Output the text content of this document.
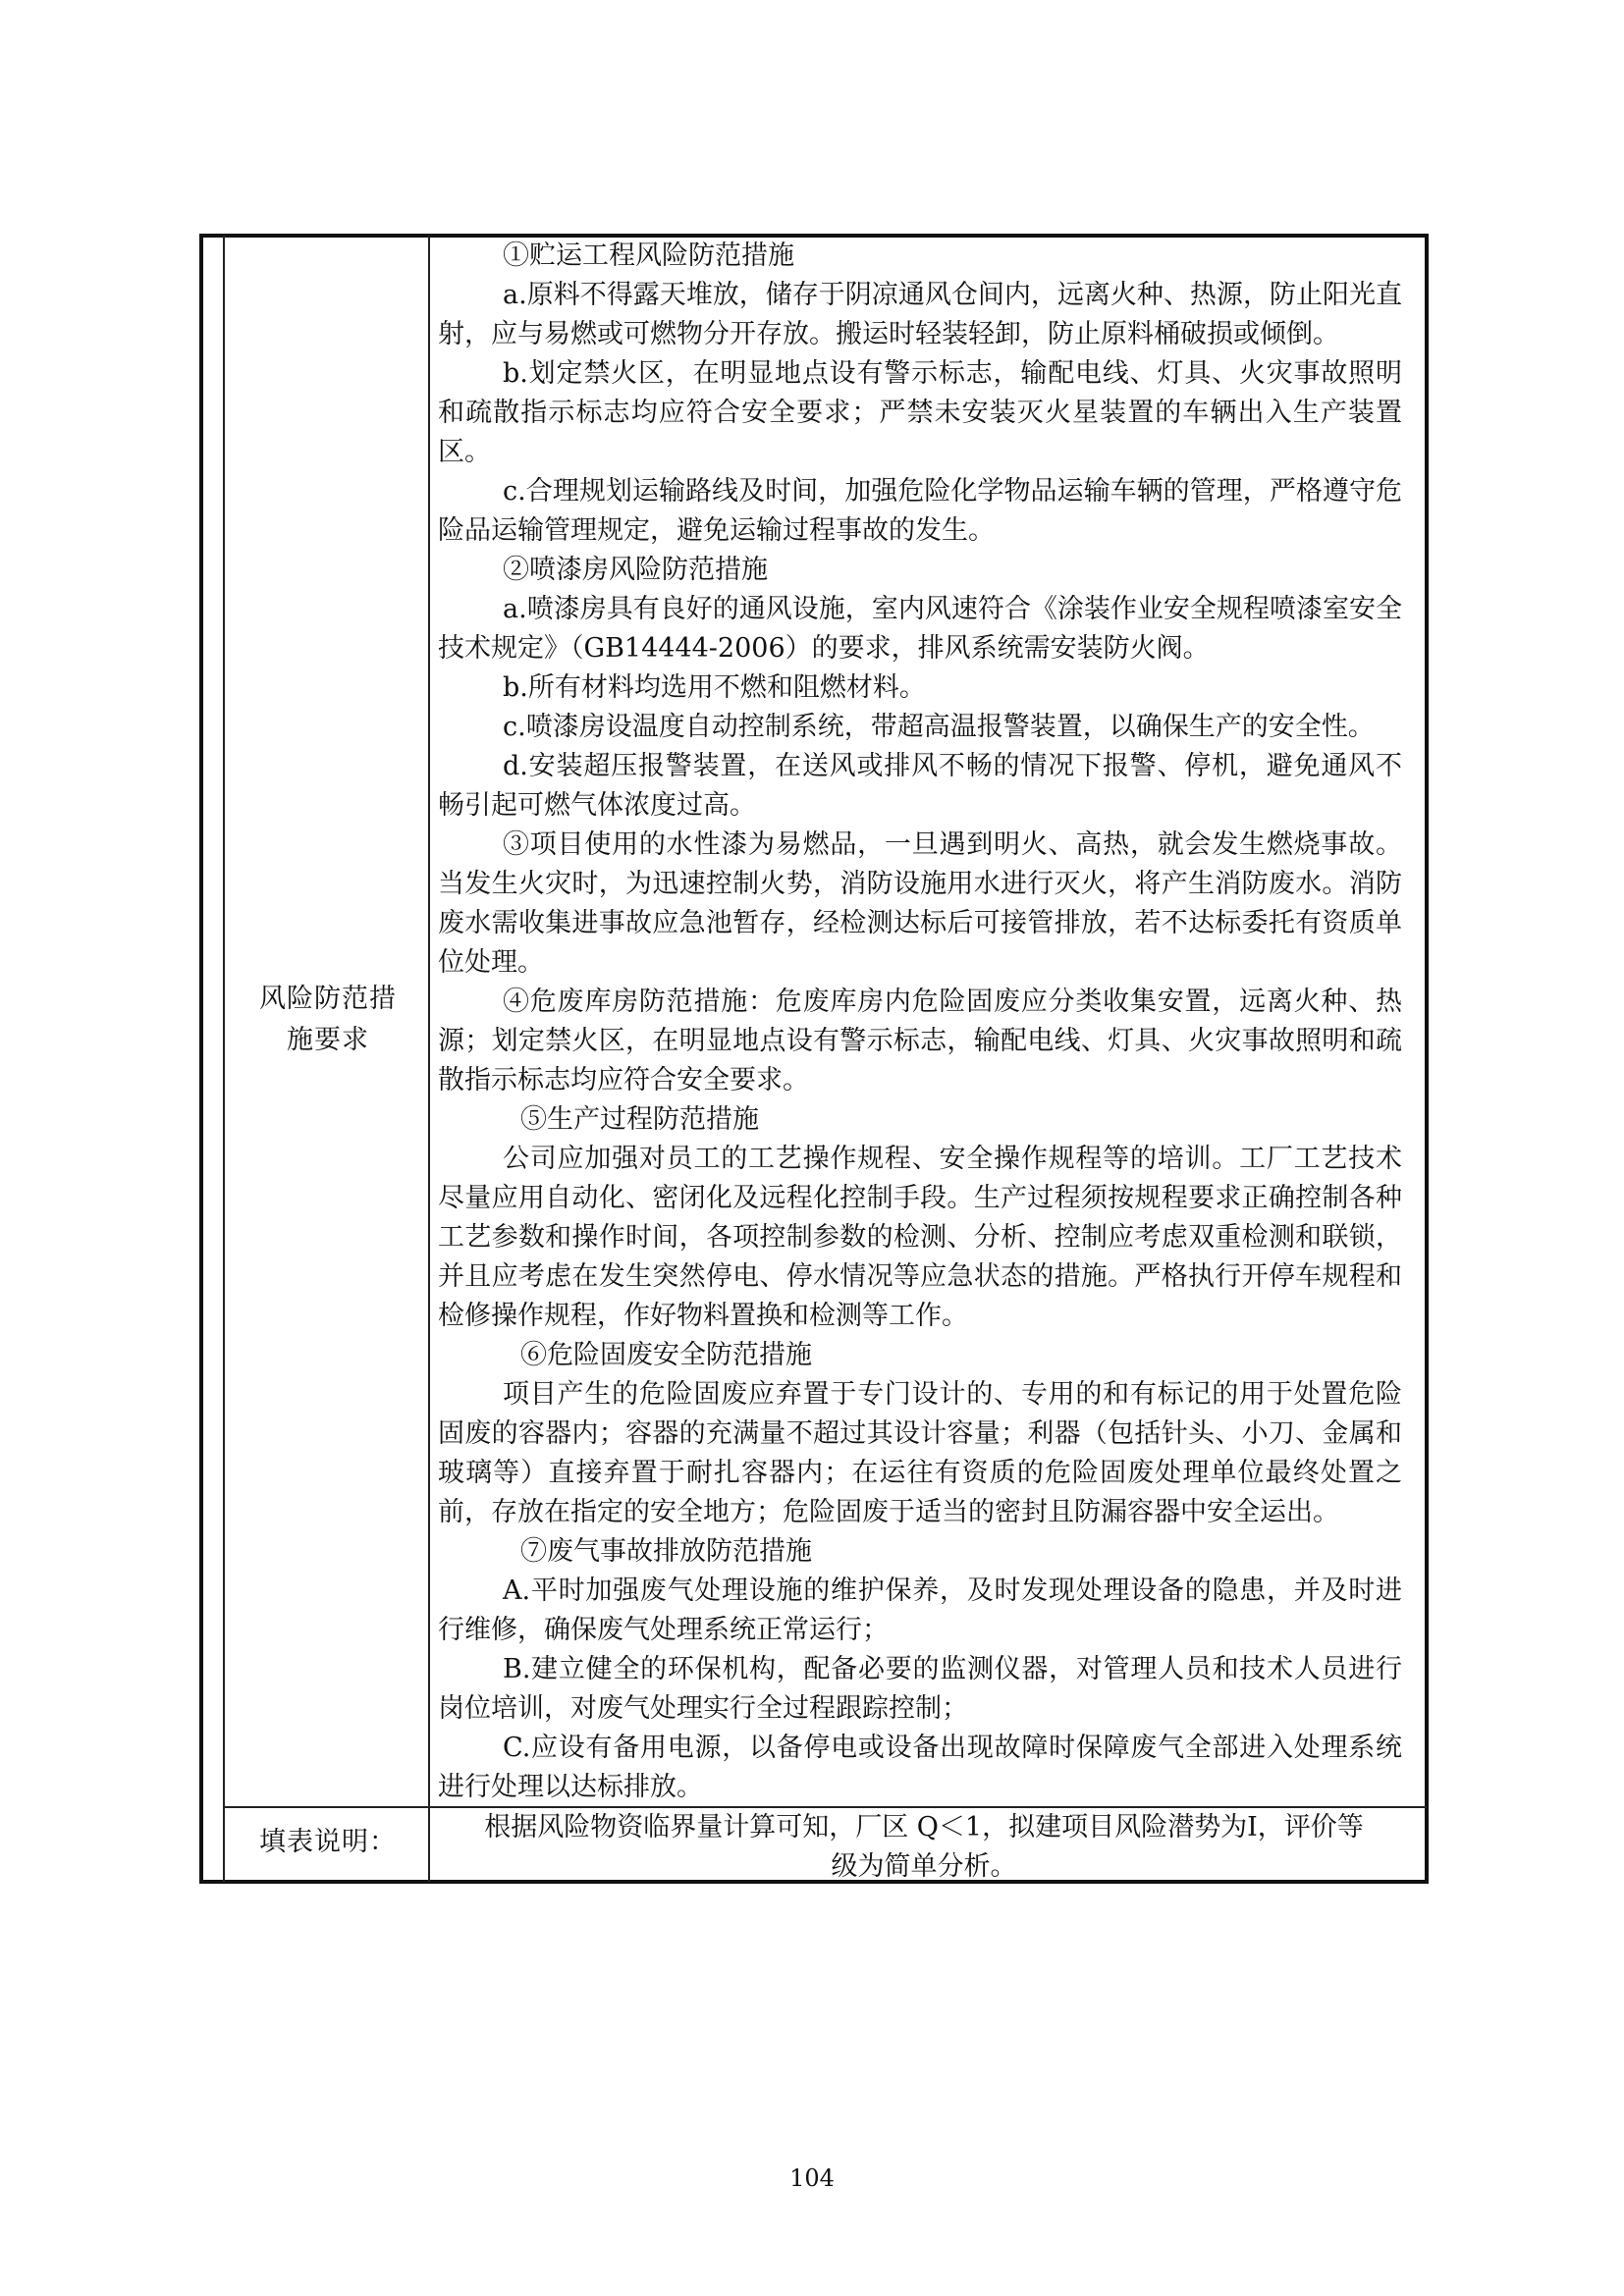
风险防范措
施要求

①贮运工程风险防范措施

a.原料不得露天堆放，储存于阴凉通风仓间内，远离火种、热源，防止阳光直射，应与易燃或可燃物分开存放。搬运时轻装轻卸，防止原料桶破损或倾倒。

b.划定禁火区，在明显地点设有警示标志，输配电线、灯具、火灾事故照明和疏散指示标志均应符合安全要求；严禁未安装灭火星装置的车辆出入生产装置区。

c.合理规划运输路线及时间，加强危险化学物品运输车辆的管理，严格遵守危险品运输管理规定，避免运输过程事故的发生。

②喷漆房风险防范措施

a.喷漆房具有良好的通风设施，室内风速符合《涂装作业安全规程喷漆室安全技术规定》（GB14444-2006）的要求，排风系统需安装防火阀。

b.所有材料均选用不燃和阻燃材料。

c.喷漆房设温度自动控制系统，带超高温报警装置，以确保生产的安全性。

d.安装超压报警装置，在送风或排风不畅的情况下报警、停机，避免通风不畅引起可燃气体浓度过高。

③项目使用的水性漆为易燃品，一旦遇到明火、高热，就会发生燃烧事故。当发生火灾时，为迅速控制火势，消防设施用水进行灭火，将产生消防废水。消防废水需收集进事故应急池暂存，经检测达标后可接管排放，若不达标委托有资质单位处理。

④危废库房防范措施：危废库房内危险固废应分类收集安置，远离火种、热源；划定禁火区，在明显地点设有警示标志，输配电线、灯具、火灾事故照明和疏散指示标志均应符合安全要求。

⑤生产过程防范措施

公司应加强对员工的工艺操作规程、安全操作规程等的培训。工厂工艺技术尽量应用自动化、密闭化及远程化控制手段。生产过程须按规程要求正确控制各种工艺参数和操作时间，各项控制参数的检测、分析、控制应考虑双重检测和联锁，并且应考虑在发生突然停电、停水情况等应急状态的措施。严格执行开停车规程和检修操作规程，作好物料置换和检测等工作。

⑥危险固废安全防范措施

项目产生的危险固废应弃置于专门设计的、专用的和有标记的用于处置危险固废的容器内；容器的充满量不超过其设计容量；利器（包括针头、小刀、金属和玻璃等）直接弃置于耐扎容器内；在运往有资质的危险固废处理单位最终处置之前，存放在指定的安全地方；危险固废于适当的密封且防漏容器中安全运出。

⑦废气事故排放防范措施

A.平时加强废气处理设施的维护保养，及时发现处理设备的隐患，并及时进行维修，确保废气处理系统正常运行；

B.建立健全的环保机构，配备必要的监测仪器，对管理人员和技术人员进行岗位培训，对废气处理实行全过程跟踪控制；

C.应设有备用电源，以备停电或设备出现故障时保障废气全部进入处理系统进行处理以达标排放。

填表说明：	根据风险物资临界量计算可知，厂区 Q＜1，拟建项目风险潜势为I，评价等

级为简单分析。

104
